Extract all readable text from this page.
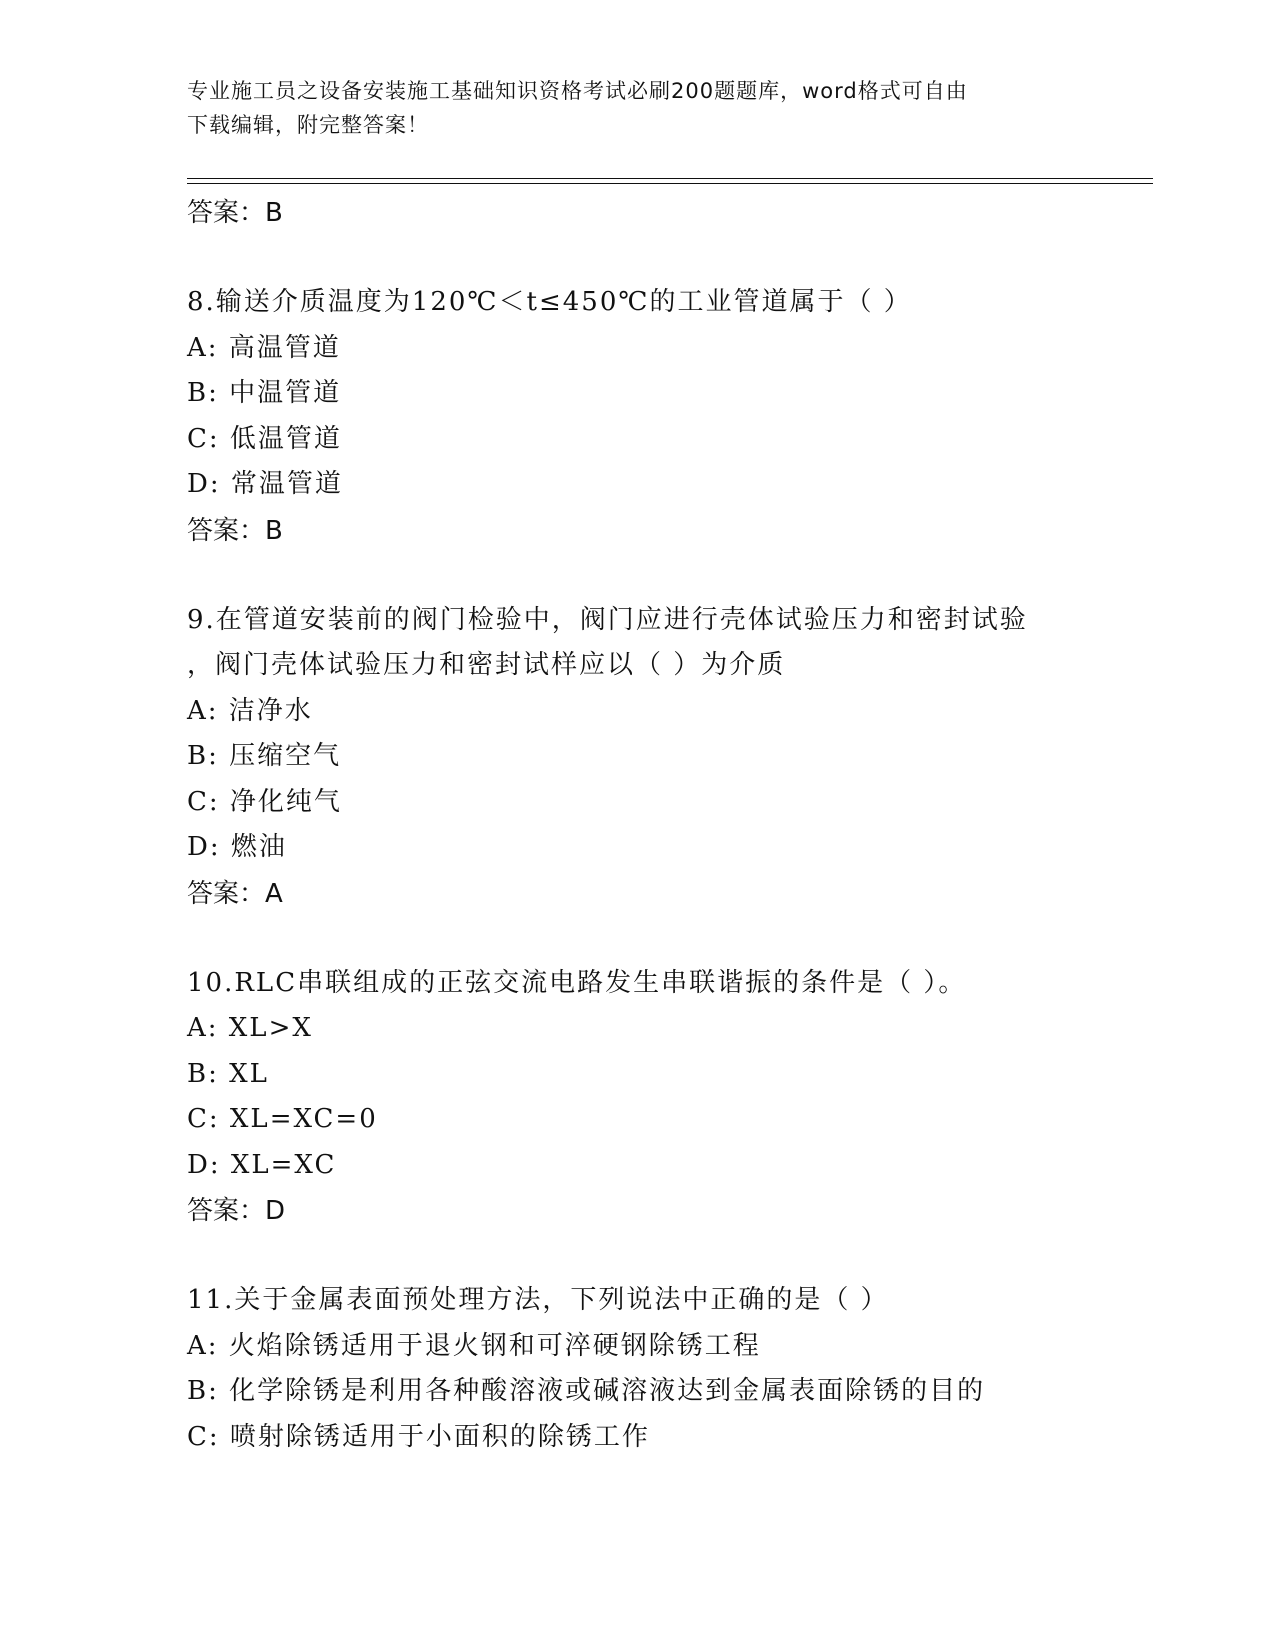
专业施工员之设备安装施工基础知识资格考试必刷200题题库，word格式可自由
下载编辑，附完整答案！
答案：B
8.输送介质温度为120℃＜t≤450℃的工业管道属于（ ）
A: 高温管道
B: 中温管道
C: 低温管道
D: 常温管道
答案：B
9.在管道安装前的阀门检验中，阀门应进行壳体试验压力和密封试验
，阀门壳体试验压力和密封试样应以（ ）为介质
A: 洁净水
B: 压缩空气
C: 净化纯气
D: 燃油
答案：A
10.RLC串联组成的正弦交流电路发生串联谐振的条件是（ ）。
A: XL>X
B: XL
C: XL=XC=0
D: XL=XC
答案：D
11.关于金属表面预处理方法，下列说法中正确的是（ ）
A: 火焰除锈适用于退火钢和可淬硬钢除锈工程
B: 化学除锈是利用各种酸溶液或碱溶液达到金属表面除锈的目的
C: 喷射除锈适用于小面积的除锈工作
